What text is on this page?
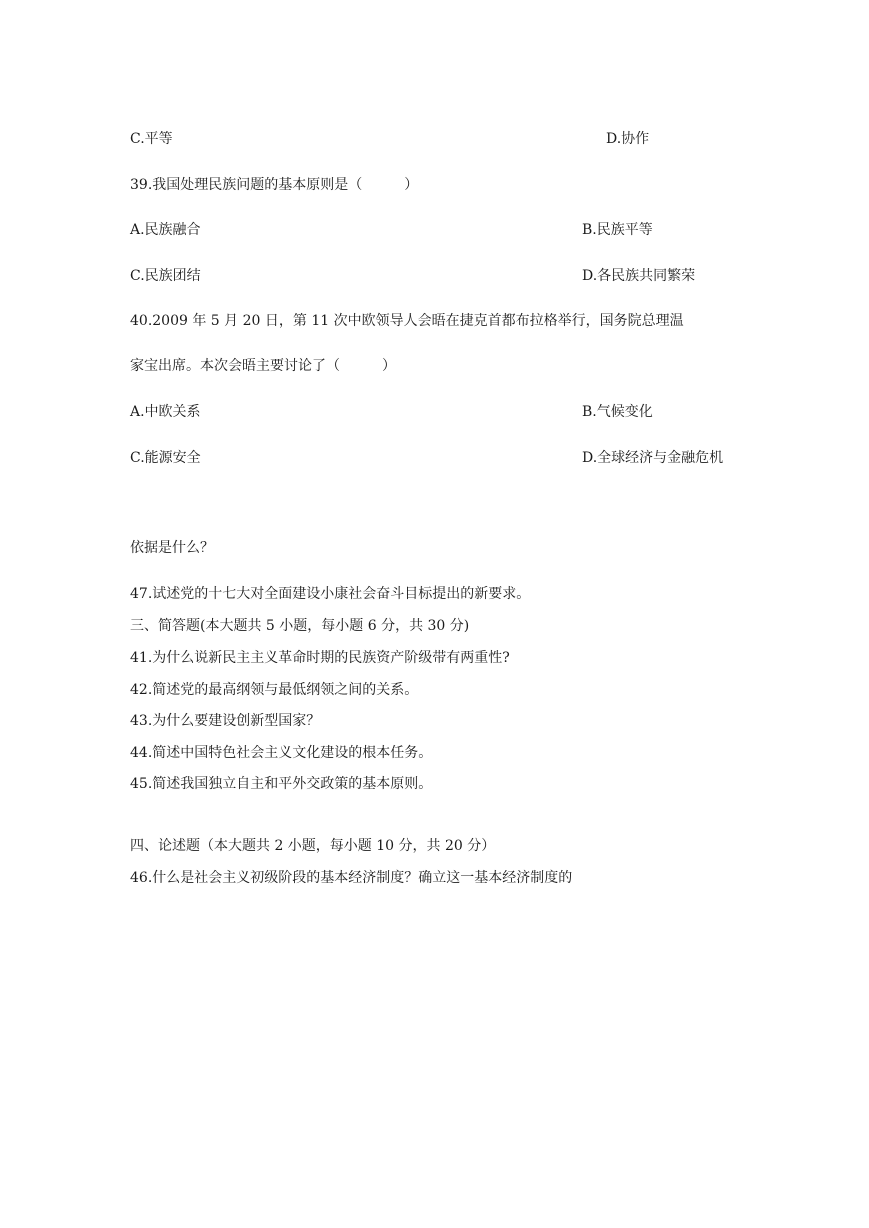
C.平等	D.协作
39.我国处理民族问题的基本原则是（　　　）
A.民族融合	B.民族平等
C.民族团结	D.各民族共同繁荣
40.2009 年 5 月 20 日，第 11 次中欧领导人会晤在捷克首都布拉格举行，国务院总理温
家宝出席。本次会晤主要讨论了（　　　）
A.中欧关系	B.气候变化
C.能源安全	D.全球经济与金融危机
依据是什么？
47.试述党的十七大对全面建设小康社会奋斗目标提出的新要求。
三、简答题(本大题共 5 小题，每小题 6 分，共 30 分)
41.为什么说新民主主义革命时期的民族资产阶级带有两重性?
42.简述党的最高纲领与最低纲领之间的关系。
43.为什么要建设创新型国家？
44.简述中国特色社会主义文化建设的根本任务。
45.简述我国独立自主和平外交政策的基本原则。
四、论述题（本大题共 2 小题，每小题 10 分，共 20 分）
46.什么是社会主义初级阶段的基本经济制度？确立这一基本经济制度的
